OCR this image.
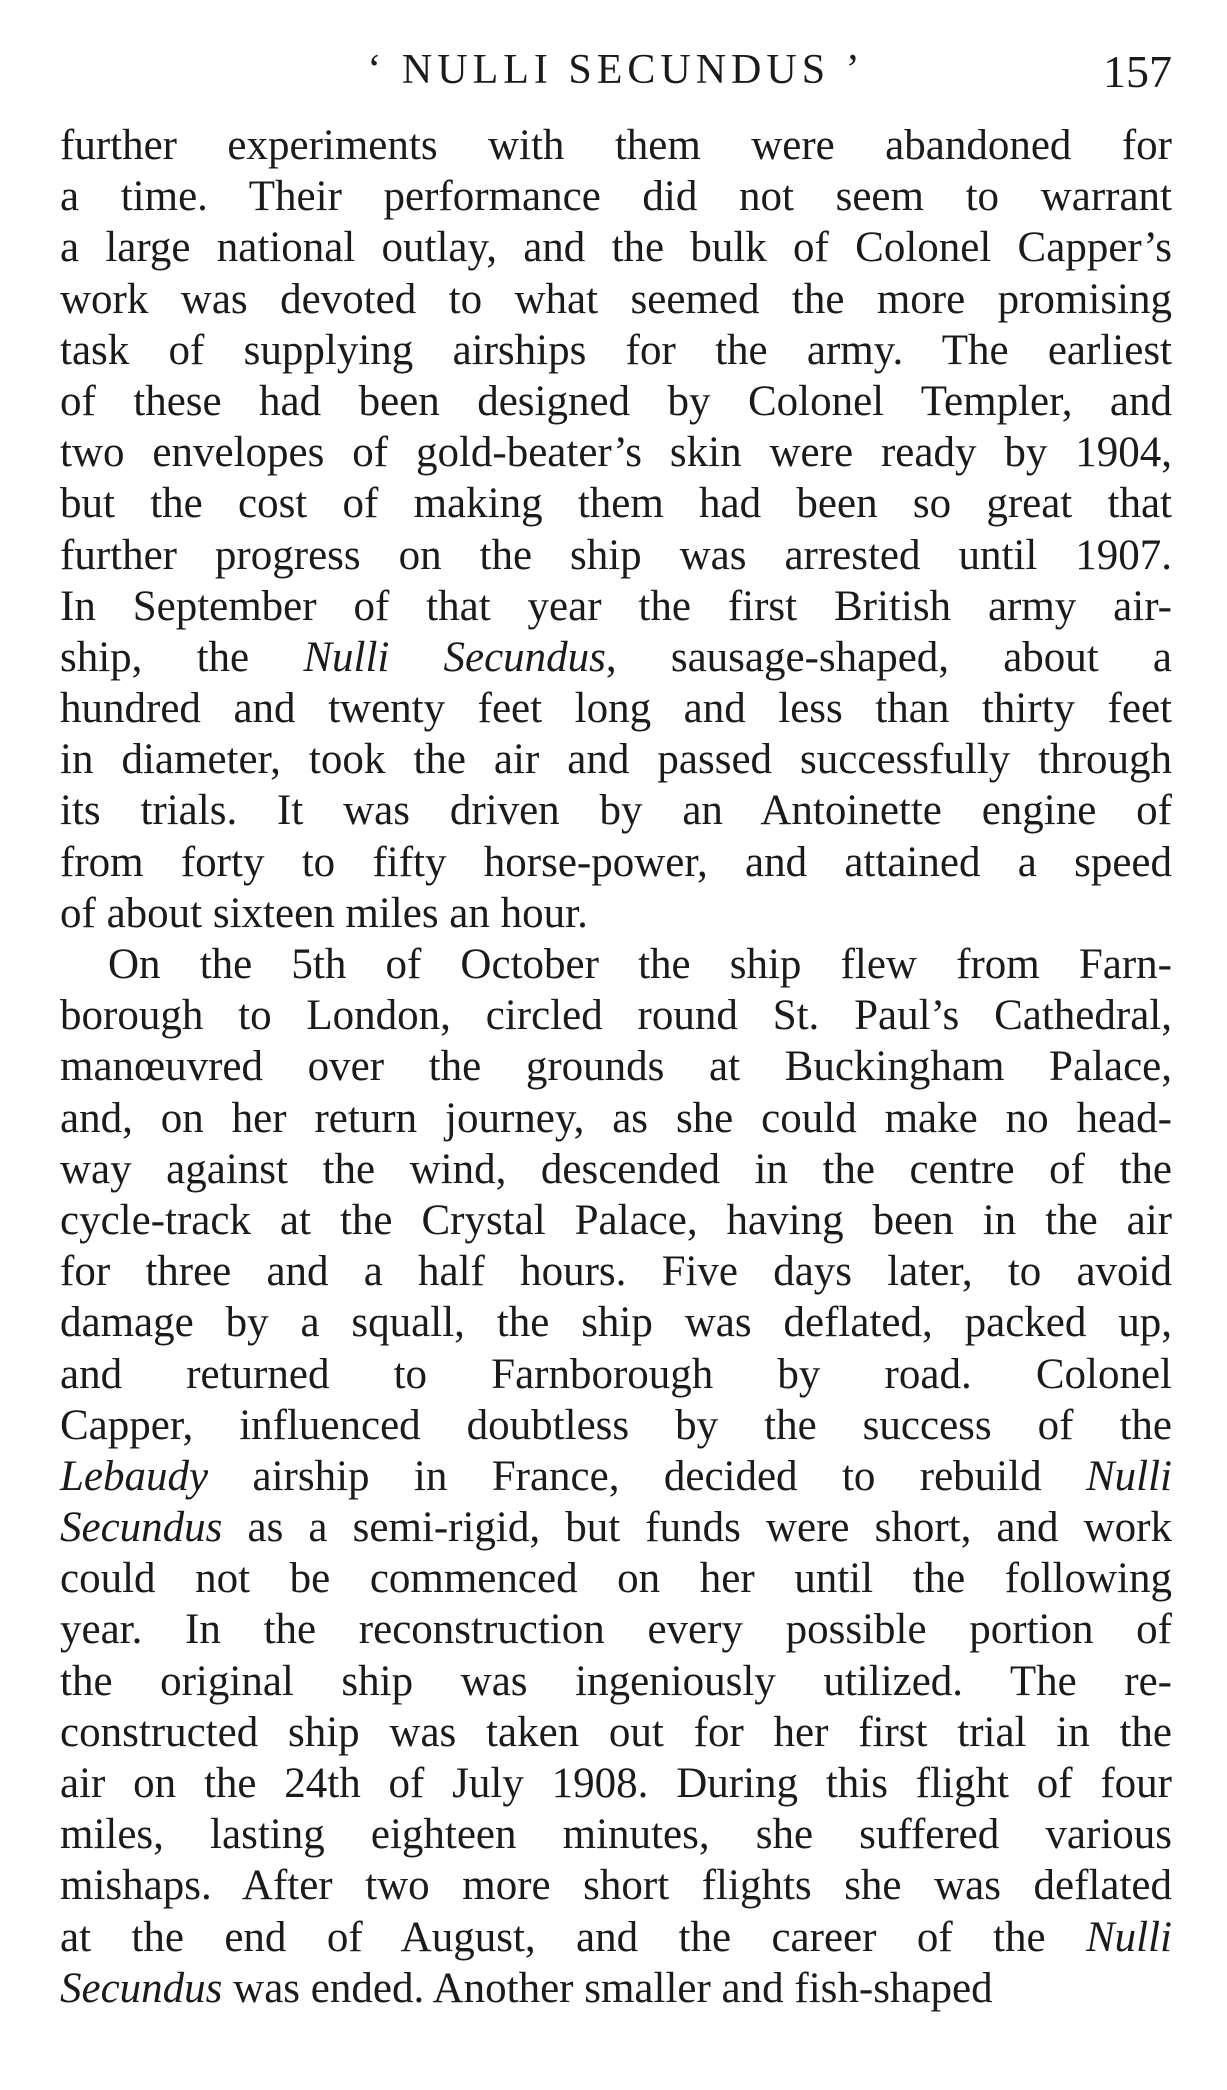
‘ NULLI SECUNDUS ’	157
further experiments with them were abandoned for
a time. Their performance did not seem to warrant
a large national outlay, and the bulk of Colonel Capper’s
work was devoted to what seemed the more promising
task of supplying airships for the army. The earliest
of these had been designed by Colonel Templer, and
two envelopes of gold-beater’s skin were ready by 1904,
but the cost of making them had been so great that
further progress on the ship was arrested until 1907.
In September of that year the first British army air-
ship, the Nulli Secundus, sausage-shaped, about a
hundred and twenty feet long and less than thirty feet
in diameter, took the air and passed successfully through
its trials. It was driven by an Antoinette engine of
from forty to fifty horse-power, and attained a speed
of about sixteen miles an hour.
On the 5th of October the ship flew from Farn-
borough to London, circled round St. Paul’s Cathedral,
manœuvred over the grounds at Buckingham Palace,
and, on her return journey, as she could make no head-
way against the wind, descended in the centre of the
cycle-track at the Crystal Palace, having been in the air
for three and a half hours. Five days later, to avoid
damage by a squall, the ship was deflated, packed up,
and returned to Farnborough by road. Colonel
Capper, influenced doubtless by the success of the
Lebaudy airship in France, decided to rebuild Nulli
Secundus as a semi-rigid, but funds were short, and work
could not be commenced on her until the following
year. In the reconstruction every possible portion of
the original ship was ingeniously utilized. The re-
constructed ship was taken out for her first trial in the
air on the 24th of July 1908. During this flight of four
miles, lasting eighteen minutes, she suffered various
mishaps. After two more short flights she was deflated
at the end of August, and the career of the Nulli
Secundus was ended. Another smaller and fish-shaped
